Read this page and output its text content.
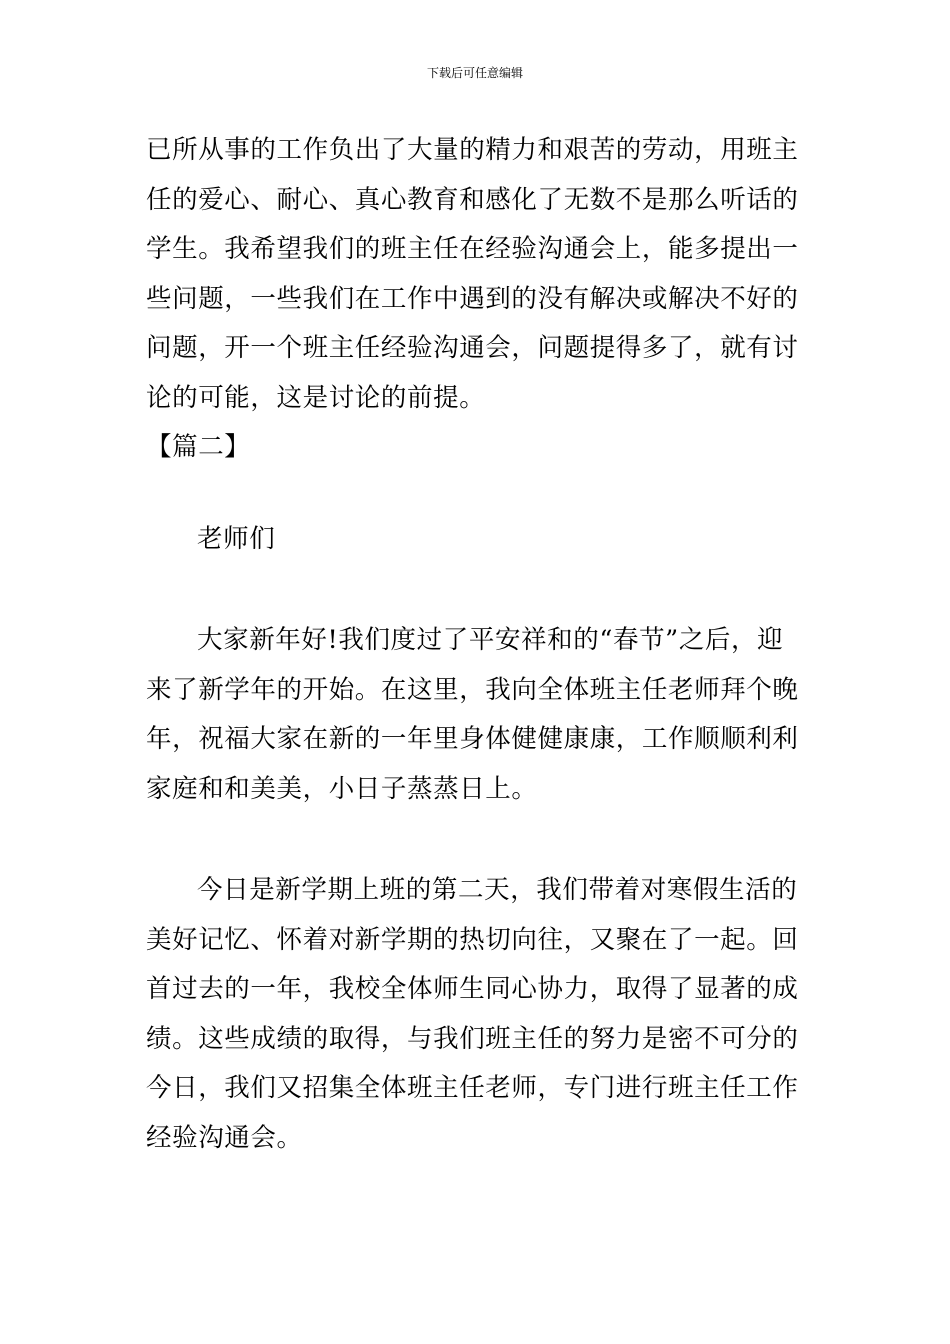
下载后可任意编辑
已所从事的工作负出了大量的精力和艰苦的劳动，用班主
任的爱心、耐心、真心教育和感化了无数不是那么听话的
学生。我希望我们的班主任在经验沟通会上，能多提出一
些问题，一些我们在工作中遇到的没有解决或解决不好的
问题，开一个班主任经验沟通会，问题提得多了，就有讨
论的可能，这是讨论的前提。
【篇二】
老师们
大家新年好!我们度过了平安祥和的“春节”之后，迎
来了新学年的开始。在这里，我向全体班主任老师拜个晚
年，祝福大家在新的一年里身体健健康康，工作顺顺利利
家庭和和美美，小日子蒸蒸日上。
今日是新学期上班的第二天，我们带着对寒假生活的
美好记忆、怀着对新学期的热切向往，又聚在了一起。回
首过去的一年，我校全体师生同心协力，取得了显著的成
绩。这些成绩的取得，与我们班主任的努力是密不可分的
今日，我们又招集全体班主任老师，专门进行班主任工作
经验沟通会。
